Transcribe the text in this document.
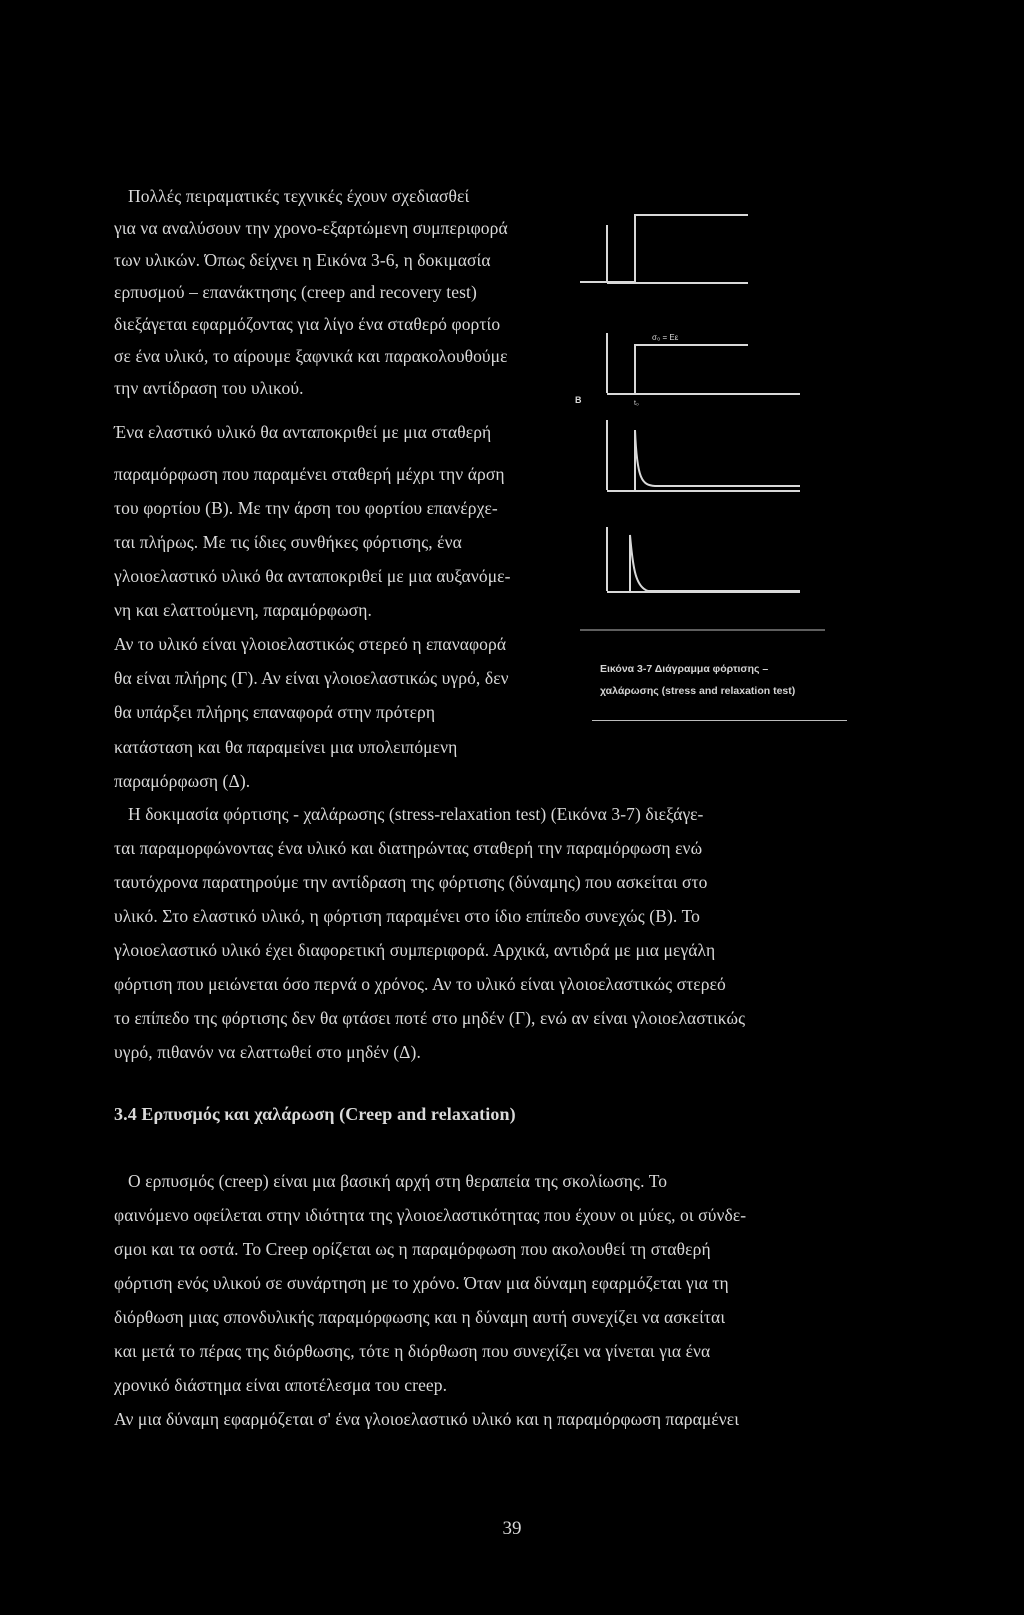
Πολλές πειραματικές τεχνικές έχουν σχεδιασθεί
για να αναλύσουν την χρονο-εξαρτώμενη συμπεριφορά
των υλικών. Όπως δείχνει η Εικόνα 3-6, η δοκιμασία
ερπυσμού – επανάκτησης (creep and recovery test)
διεξάγεται εφαρμόζοντας για λίγο ένα σταθερό φορτίο
σε ένα υλικό, το αίρουμε ξαφνικά και παρακολουθούμε
την αντίδραση του υλικού.
Ένα ελαστικό υλικό θα ανταποκριθεί με μια σταθερή
παραμόρφωση που παραμένει σταθερή μέχρι την άρση
του φορτίου (Β). Με την άρση του φορτίου επανέρχε-
ται πλήρως. Με τις ίδιες συνθήκες φόρτισης, ένα
γλοιοελαστικό υλικό θα ανταποκριθεί με μια αυξανόμε-
νη και ελαττούμενη, παραμόρφωση.
Αν το υλικό είναι γλοιοελαστικώς στερεό η επαναφορά
θα είναι πλήρης (Γ). Αν είναι γλοιοελαστικώς υγρό, δεν
θα υπάρξει πλήρης επαναφορά στην πρότερη
κατάσταση και θα παραμείνει μια υπολειπόμενη
παραμόρφωση (Δ).
B
σ₀ = Eε
t₀
Εικόνα 3-7 Διάγραμμα φόρτισης –
χαλάρωσης (stress and relaxation test)
Η δοκιμασία φόρτισης - χαλάρωσης (stress-relaxation test) (Εικόνα 3-7) διεξάγε-
ται παραμορφώνοντας ένα υλικό και διατηρώντας σταθερή την παραμόρφωση ενώ
ταυτόχρονα παρατηρούμε την αντίδραση της φόρτισης (δύναμης) που ασκείται στο
υλικό. Στο ελαστικό υλικό, η φόρτιση παραμένει στο ίδιο επίπεδο συνεχώς (Β). Το
γλοιοελαστικό υλικό έχει διαφορετική συμπεριφορά. Αρχικά, αντιδρά με μια μεγάλη
φόρτιση που μειώνεται όσο περνά ο χρόνος. Αν το υλικό είναι γλοιοελαστικώς στερεό
το επίπεδο της φόρτισης δεν θα φτάσει ποτέ στο μηδέν (Γ), ενώ αν είναι γλοιοελαστικώς
υγρό, πιθανόν να ελαττωθεί στο μηδέν (Δ).
3.4 Ερπυσμός και χαλάρωση (Creep and relaxation)
Ο ερπυσμός (creep) είναι μια βασική αρχή στη θεραπεία της σκολίωσης. Το
φαινόμενο οφείλεται στην ιδιότητα της γλοιοελαστικότητας που έχουν οι μύες, οι σύνδε-
σμοι και τα οστά. Το Creep ορίζεται ως η παραμόρφωση που ακολουθεί τη σταθερή
φόρτιση ενός υλικού σε συνάρτηση με το χρόνο. Όταν μια δύναμη εφαρμόζεται για τη
διόρθωση μιας σπονδυλικής παραμόρφωσης και η δύναμη αυτή συνεχίζει να ασκείται
και μετά το πέρας της διόρθωσης, τότε η διόρθωση που συνεχίζει να γίνεται για ένα
χρονικό διάστημα είναι αποτέλεσμα του creep.
Αν μια δύναμη εφαρμόζεται σ' ένα γλοιοελαστικό υλικό και η παραμόρφωση παραμένει
39
